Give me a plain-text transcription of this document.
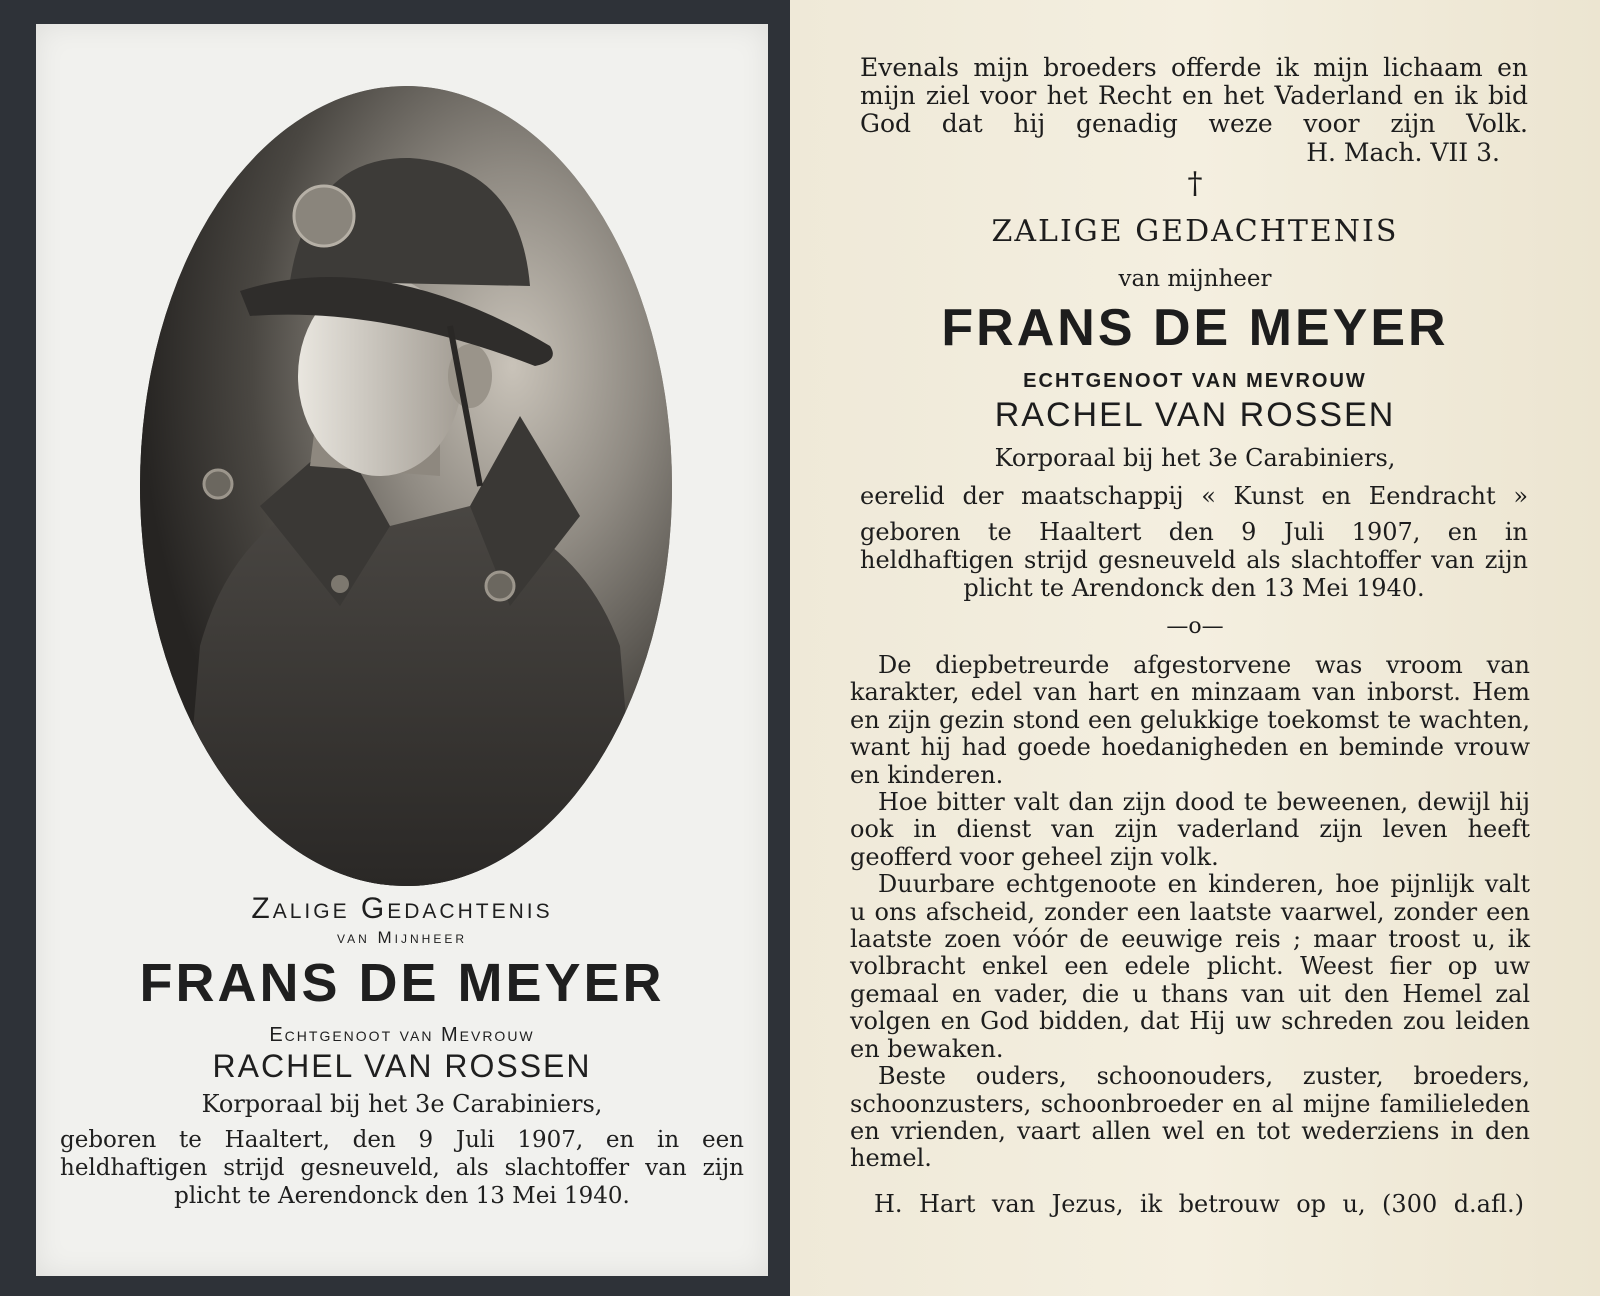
Zalige Gedachtenis
van Mijnheer
FRANS DE MEYER
Echtgenoot van Mevrouw
RACHEL VAN ROSSEN
Korporaal bij het 3e Carabiniers,
geboren te Haaltert, den 9 Juli 1907, en in een heldhaftigen strijd gesneuveld, als slachtoffer van zijn plicht te Aerendonck den 13 Mei 1940.
Evenals mijn broeders offerde ik mijn lichaam en mijn ziel voor het Recht en het Vaderland en ik bid God dat hij genadig weze voor zijn Volk.
H. Mach. VII 3.
†
ZALIGE GEDACHTENIS
van mijnheer
FRANS DE MEYER
ECHTGENOOT VAN MEVROUW
RACHEL VAN ROSSEN
Korporaal bij het 3e Carabiniers,
eerelid der maatschappij « Kunst en Eendracht »
geboren te Haaltert den 9 Juli 1907, en in heldhaftigen strijd gesneuveld als slachtoffer van zijn plicht te Arendonck den 13 Mei 1940.
—o—

De diepbetreurde afgestorvene was vroom van karakter, edel van hart en minzaam van inborst. Hem en zijn gezin stond een gelukkige toekomst te wachten, want hij had goede hoedanigheden en beminde vrouw en kinderen.

Hoe bitter valt dan zijn dood te beweenen, dewijl hij ook in dienst van zijn vaderland zijn leven heeft geofferd voor geheel zijn volk.

Duurbare echtgenoote en kinderen, hoe pijnlijk valt u ons afscheid, zonder een laatste vaarwel, zonder een laatste zoen vóór de eeuwige reis ; maar troost u, ik volbracht enkel een edele plicht. Weest fier op uw gemaal en vader, die u thans van uit den Hemel zal volgen en God bidden, dat Hij uw schreden zou leiden en bewaken.

Beste ouders, schoonouders, zuster, broeders, schoonzusters, schoonbroeder en al mijne familieleden en vrienden, vaart allen wel en tot wederziens in den hemel.

H. Hart van Jezus, ik betrouw op u, (300 d.afl.)
